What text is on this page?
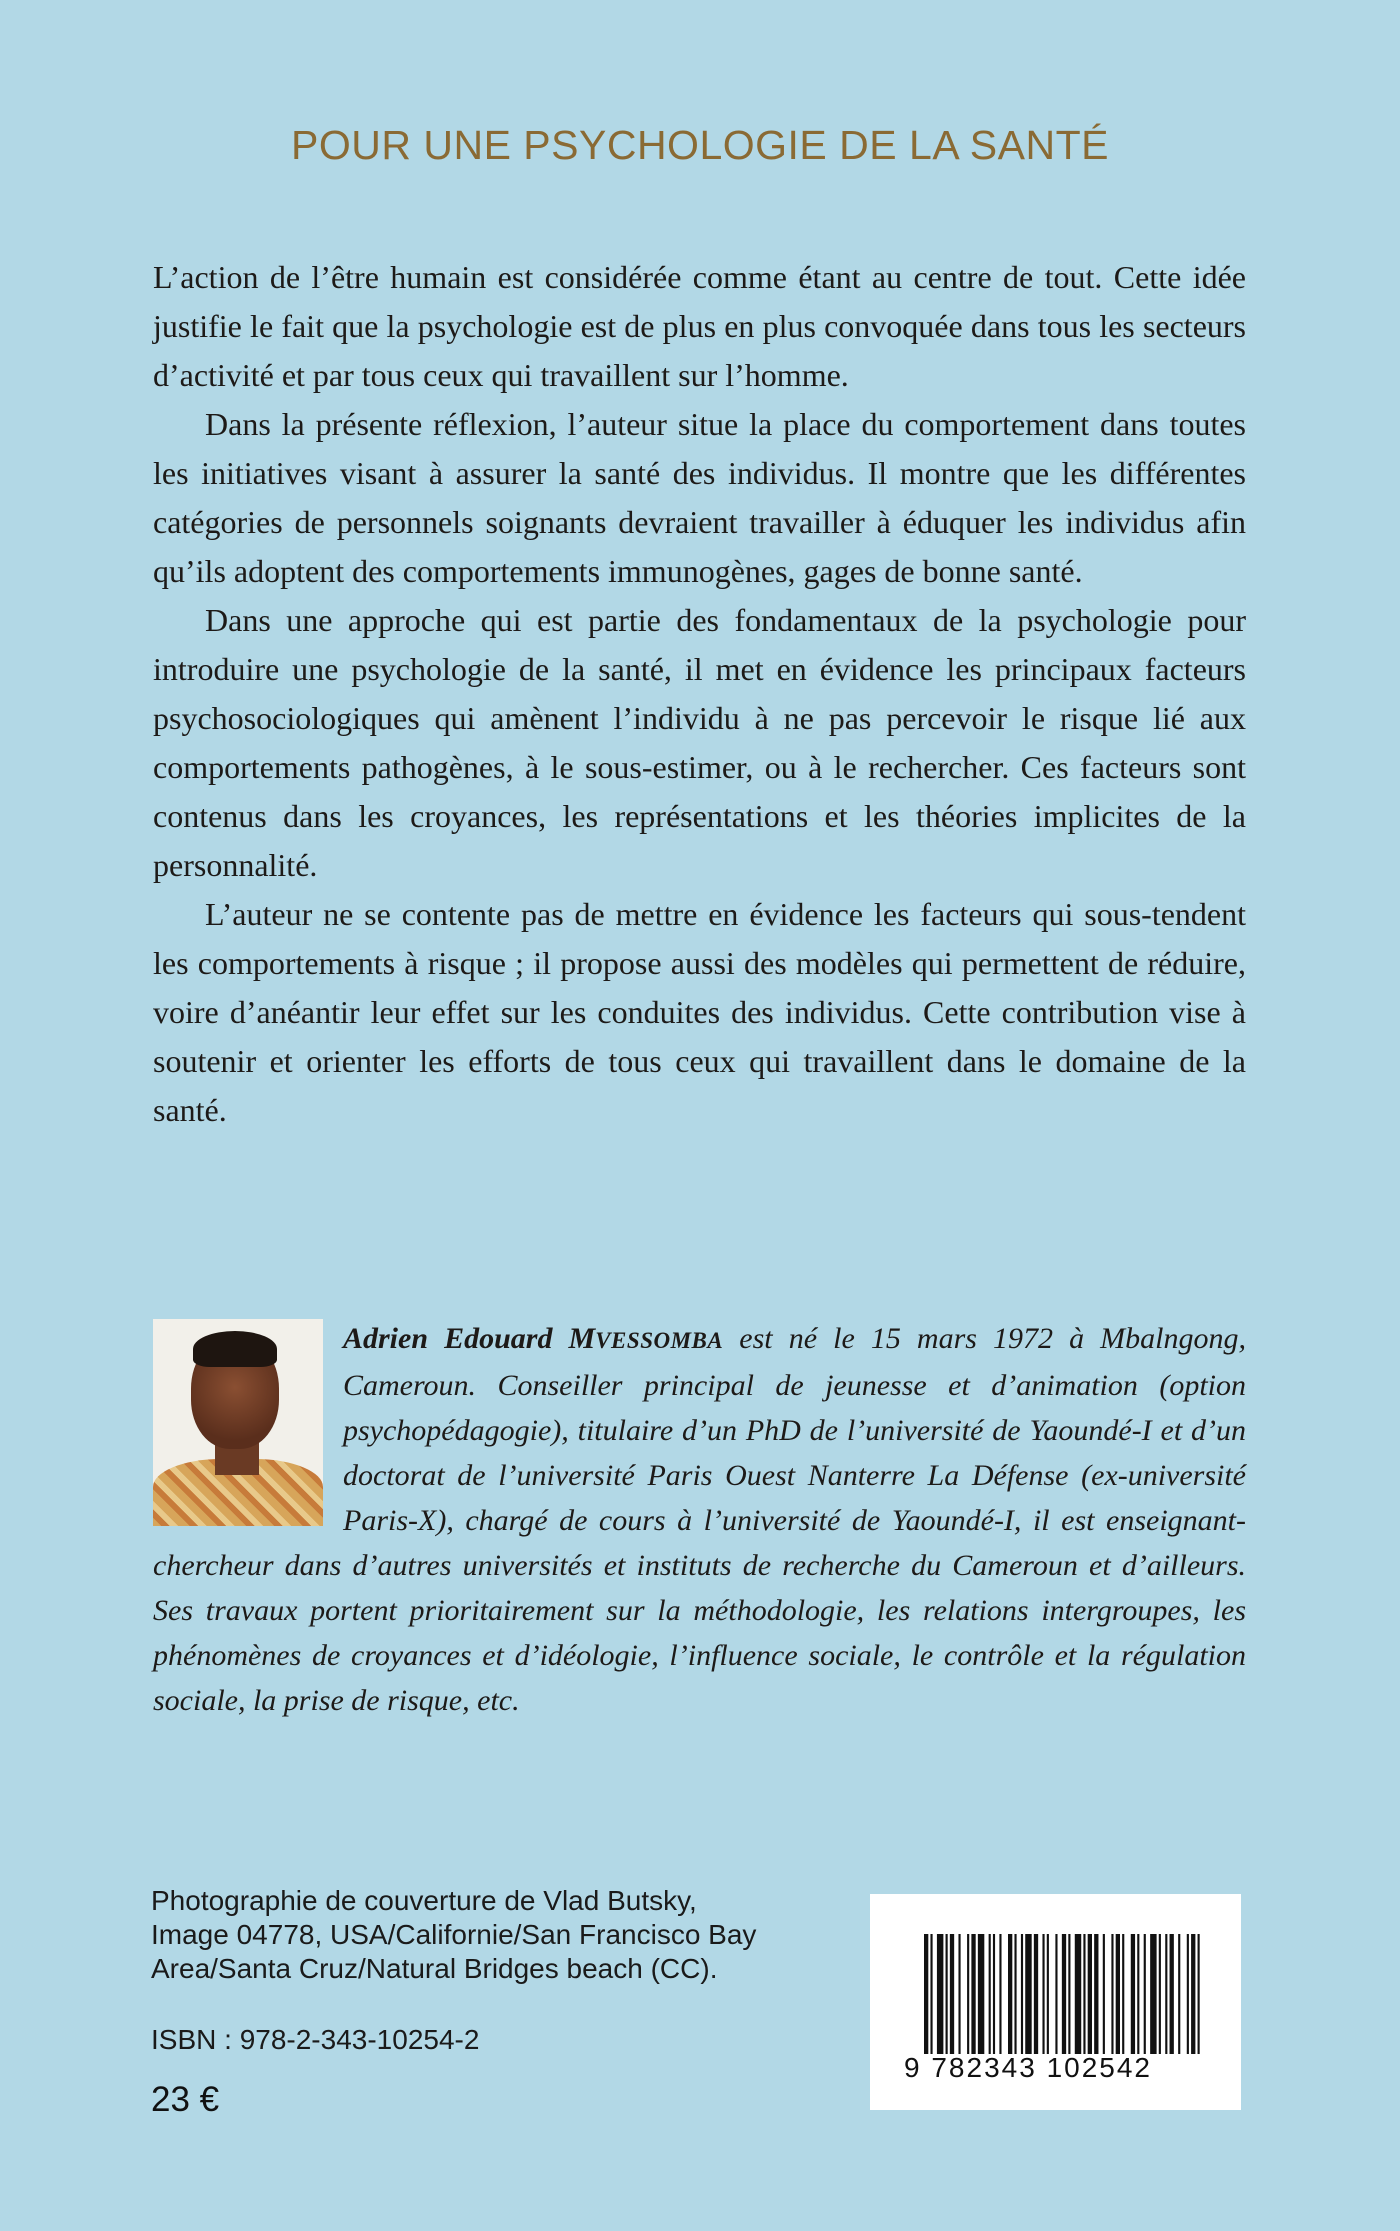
POUR UNE PSYCHOLOGIE DE LA SANTÉ

L’action de l’être humain est considérée comme étant au centre de tout. Cette idée justifie le fait que la psychologie est de plus en plus convoquée dans tous les secteurs d’activité et par tous ceux qui travaillent sur l’homme.

Dans la présente réflexion, l’auteur situe la place du comportement dans toutes les initiatives visant à assurer la santé des individus. Il montre que les différentes catégories de personnels soignants devraient travailler à éduquer les individus afin qu’ils adoptent des comportements immunogènes, gages de bonne santé.

Dans une approche qui est partie des fondamentaux de la psychologie pour introduire une psychologie de la santé, il met en évidence les principaux facteurs psychosociologiques qui amènent l’individu à ne pas percevoir le risque lié aux comportements pathogènes, à le sous-estimer, ou à le rechercher. Ces facteurs sont contenus dans les croyances, les représentations et les théories implicites de la personnalité.

L’auteur ne se contente pas de mettre en évidence les facteurs qui sous-tendent les comportements à risque ; il propose aussi des modèles qui permettent de réduire, voire d’anéantir leur effet sur les conduites des individus. Cette contribution vise à soutenir et orienter les efforts de tous ceux qui travaillent dans le domaine de la santé.

Adrien Edouard MVESSOMBA est né le 15 mars 1972 à Mbalngong, Cameroun. Conseiller principal de jeunesse et d’animation (option psychopédagogie), titulaire d’un PhD de l’université de Yaoundé-I et d’un doctorat de l’université Paris Ouest Nanterre La Défense (ex-université Paris-X), chargé de cours à l’université de Yaoundé-I, il est enseignant-chercheur dans d’autres universités et instituts de recherche du Cameroun et d’ailleurs. Ses travaux portent prioritairement sur la méthodologie, les relations intergroupes, les phénomènes de croyances et d’idéologie, l’influence sociale, le contrôle et la régulation sociale, la prise de risque, etc.
Photographie de couverture de Vlad Butsky,
Image 04778, USA/Californie/San Francisco Bay
Area/Santa Cruz/Natural Bridges beach (CC).
ISBN : 978-2-343-10254-2
23 €
9 782343 102542
